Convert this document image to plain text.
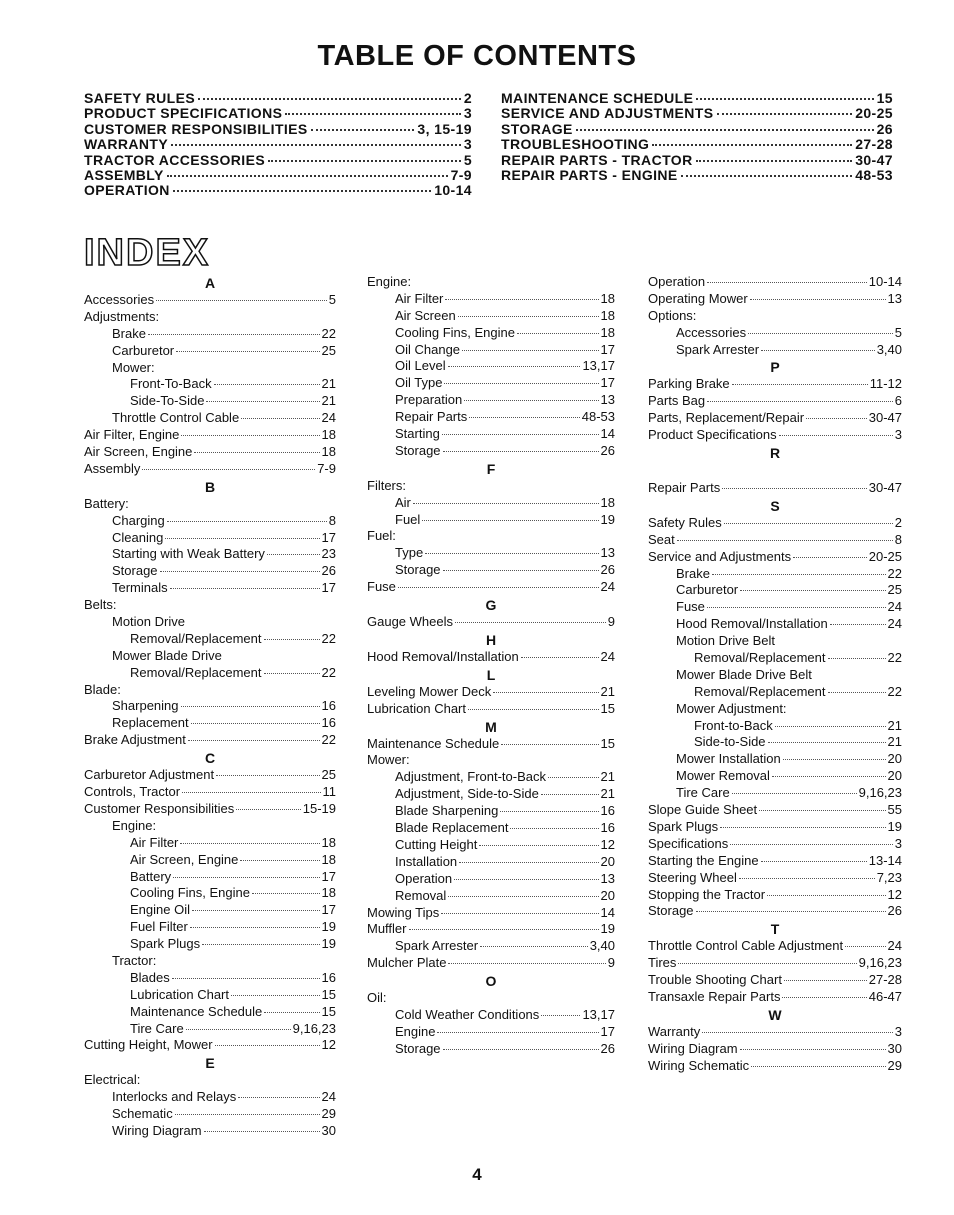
TABLE OF CONTENTS
SAFETY RULES	2
PRODUCT SPECIFICATIONS	3
CUSTOMER RESPONSIBILITIES	3, 15-19
WARRANTY	3
TRACTOR ACCESSORIES	5
ASSEMBLY	7-9
OPERATION	10-14
MAINTENANCE SCHEDULE	15
SERVICE AND ADJUSTMENTS	20-25
STORAGE	26
TROUBLESHOOTING	27-28
REPAIR PARTS - TRACTOR	30-47
REPAIR PARTS - ENGINE	48-53
INDEX
A
Accessories	5
Adjustments:
Brake	22
Carburetor	25
Mower:
Front-To-Back	21
Side-To-Side	21
Throttle Control Cable	24
Air Filter, Engine	18
Air Screen, Engine	18
Assembly	7-9
B
Battery:
Charging	8
Cleaning	17
Starting with Weak Battery	23
Storage	26
Terminals	17
Belts:
Motion Drive
Removal/Replacement	22
Mower Blade Drive
Removal/Replacement	22
Blade:
Sharpening	16
Replacement	16
Brake Adjustment	22
C
Carburetor Adjustment	25
Controls, Tractor	11
Customer Responsibilities	15-19
Engine:
Air Filter	18
Air Screen, Engine	18
Battery	17
Cooling Fins, Engine	18
Engine Oil	17
Fuel Filter	19
Spark Plugs	19
Tractor:
Blades	16
Lubrication Chart	15
Maintenance Schedule	15
Tire Care	9,16,23
Cutting Height, Mower	12
E
Electrical:
Interlocks and Relays	24
Schematic	29
Wiring Diagram	30
Engine:
Air Filter	18
Air Screen	18
Cooling Fins, Engine	18
Oil Change	17
Oil Level	13,17
Oil Type	17
Preparation	13
Repair Parts	48-53
Starting	14
Storage	26
F
Filters:
Air	18
Fuel	19
Fuel:
Type	13
Storage	26
Fuse	24
G
Gauge Wheels	9
H
Hood Removal/Installation	24
L
Leveling Mower Deck	21
Lubrication Chart	15
M
Maintenance Schedule	15
Mower:
Adjustment, Front-to-Back	21
Adjustment, Side-to-Side	21
Blade Sharpening	16
Blade Replacement	16
Cutting Height	12
Installation	20
Operation	13
Removal	20
Mowing Tips	14
Muffler	19
Spark Arrester	3,40
Mulcher Plate	9
O
Oil:
Cold Weather Conditions	13,17
Engine	17
Storage	26
Operation	10-14
Operating Mower	13
Options:
Accessories	5
Spark Arrester	3,40
P
Parking Brake	11-12
Parts Bag	6
Parts, Replacement/Repair	30-47
Product Specifications	3
R
Repair Parts	30-47
S
Safety Rules	2
Seat	8
Service and Adjustments	20-25
Brake	22
Carburetor	25
Fuse	24
Hood Removal/Installation	24
Motion Drive Belt
Removal/Replacement	22
Mower Blade Drive Belt
Removal/Replacement	22
Mower Adjustment:
Front-to-Back	21
Side-to-Side	21
Mower Installation	20
Mower Removal	20
Tire Care	9,16,23
Slope Guide Sheet	55
Spark Plugs	19
Specifications	3
Starting the Engine	13-14
Steering Wheel	7,23
Stopping the Tractor	12
Storage	26
T
Throttle Control Cable Adjustment	24
Tires	9,16,23
Trouble Shooting Chart	27-28
Transaxle Repair Parts	46-47
W
Warranty	3
Wiring Diagram	30
Wiring Schematic	29
4
